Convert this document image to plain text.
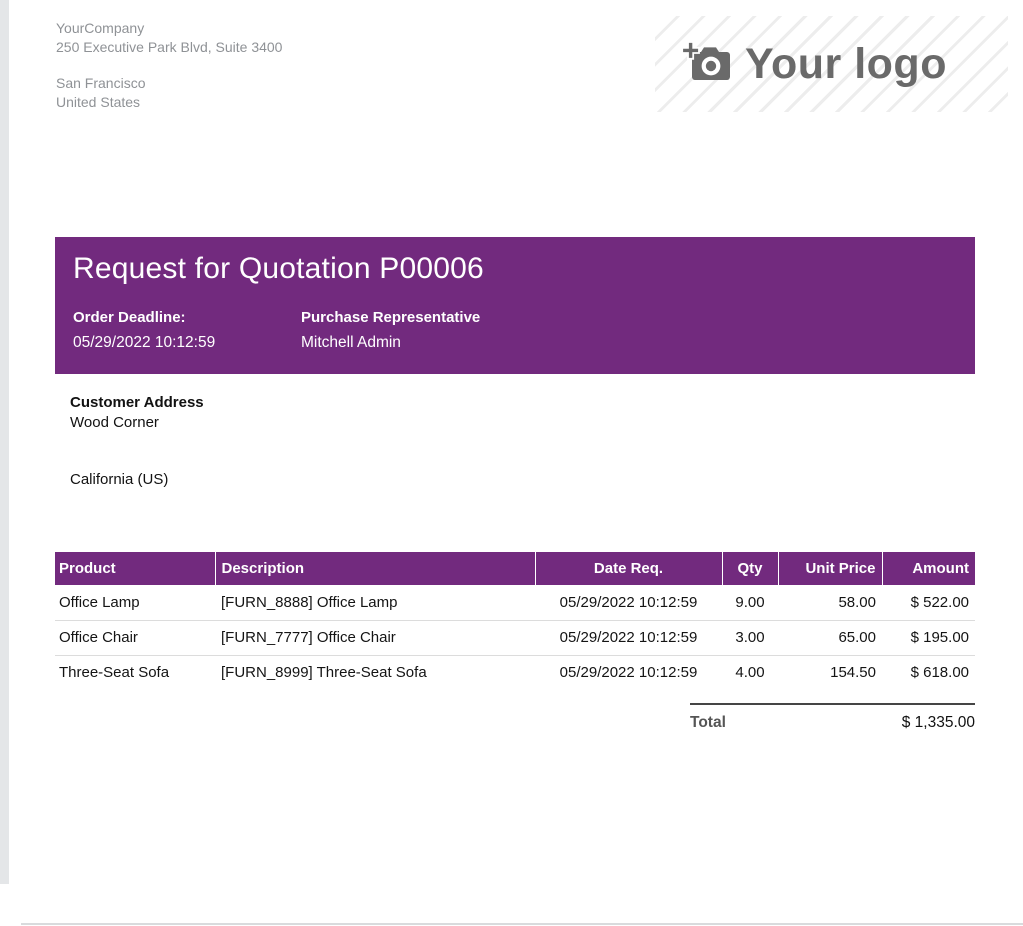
YourCompany
250 Executive Park Blvd, Suite 3400
San Francisco
United States
Your logo
Request for Quotation P00006
Order Deadline:
05/29/2022 10:12:59
Purchase Representative
Mitchell Admin
Customer Address
Wood Corner
California (US)
Product	Description	Date Req.	Qty	Unit Price	Amount
Office Lamp	[FURN_8888] Office Lamp	05/29/2022 10:12:59	9.00	58.00	$ 522.00
Office Chair	[FURN_7777] Office Chair	05/29/2022 10:12:59	3.00	65.00	$ 195.00
Three-Seat Sofa	[FURN_8999] Three-Seat Sofa	05/29/2022 10:12:59	4.00	154.50	$ 618.00
Total	$ 1,335.00
